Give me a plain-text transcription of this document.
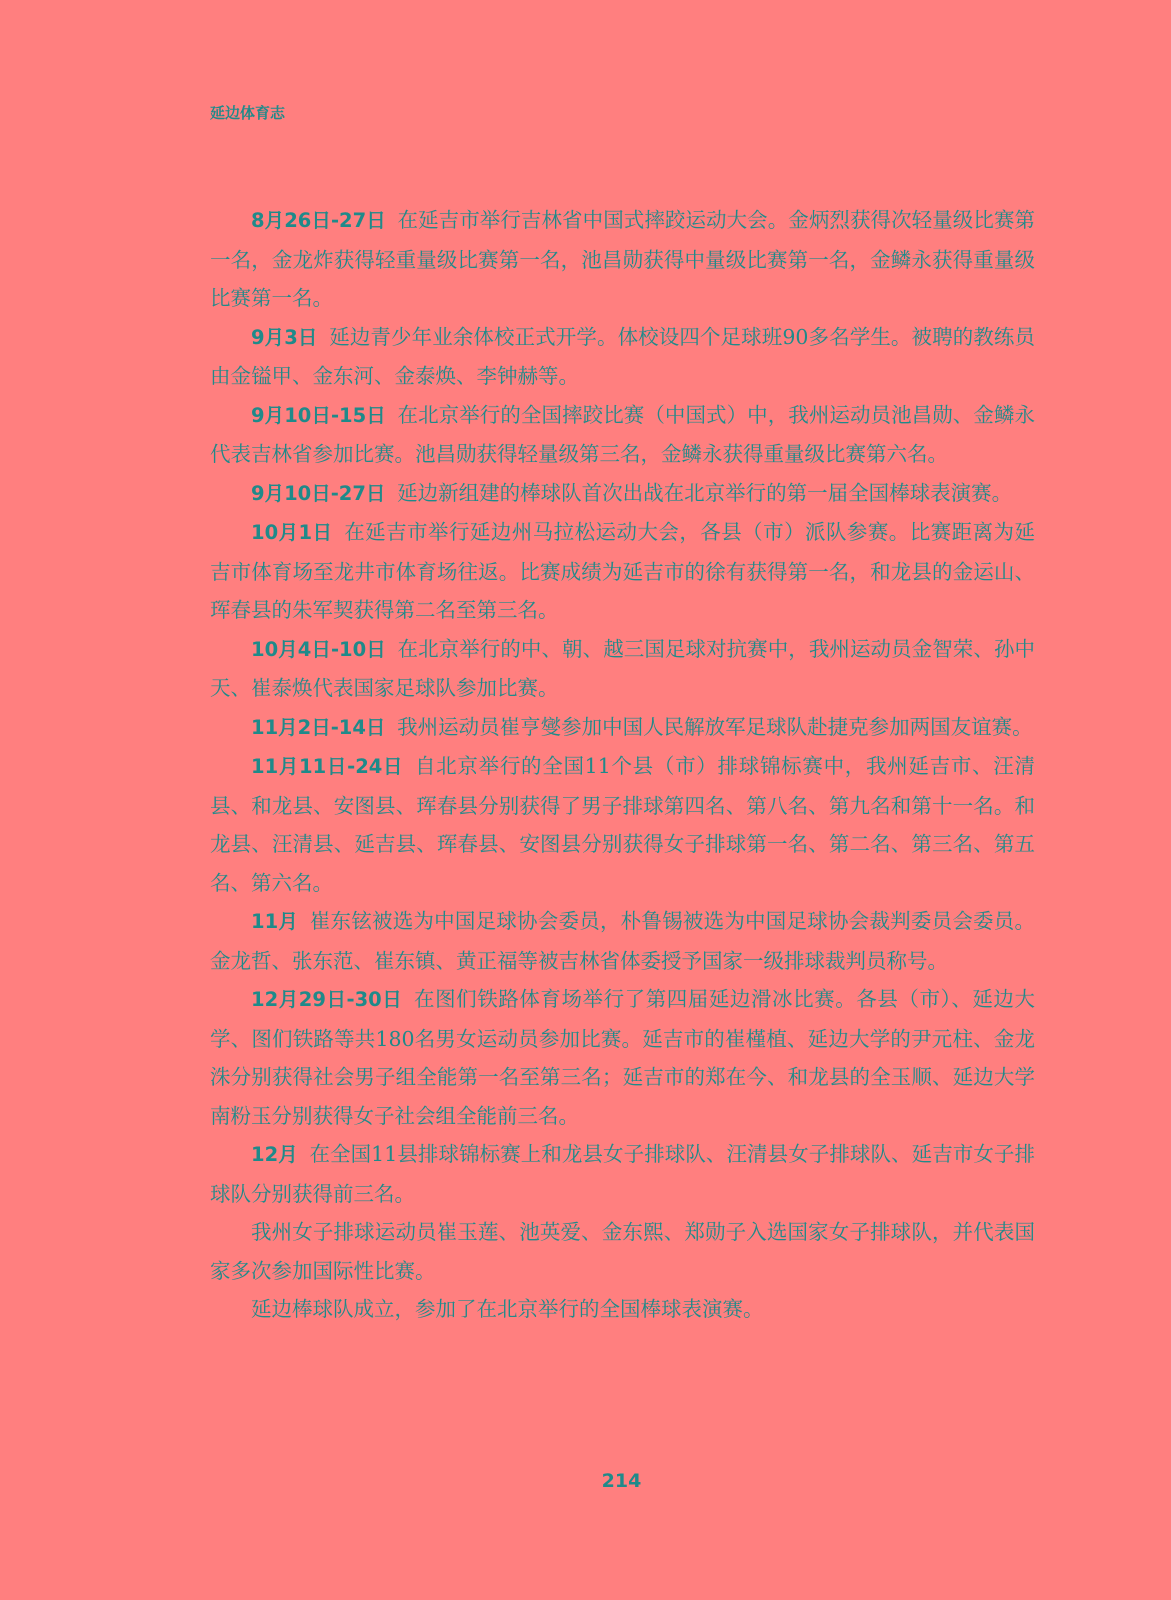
延边体育志

8月26日-27日 在延吉市举行吉林省中国式摔跤运动大会。金炳烈获得次轻量级比赛第一名，金龙炸获得轻重量级比赛第一名，池昌勋获得中量级比赛第一名，金鳞永获得重量级比赛第一名。

9月3日 延边青少年业余体校正式开学。体校设四个足球班90多名学生。被聘的教练员由金镒甲、金东河、金泰焕、李钟赫等。

9月10日-15日 在北京举行的全国摔跤比赛（中国式）中，我州运动员池昌勋、金鳞永代表吉林省参加比赛。池昌勋获得轻量级第三名，金鳞永获得重量级比赛第六名。

9月10日-27日 延边新组建的棒球队首次出战在北京举行的第一届全国棒球表演赛。

10月1日 在延吉市举行延边州马拉松运动大会，各县（市）派队参赛。比赛距离为延吉市体育场至龙井市体育场往返。比赛成绩为延吉市的徐有获得第一名，和龙县的金运山、珲春县的朱军契获得第二名至第三名。

10月4日-10日 在北京举行的中、朝、越三国足球对抗赛中，我州运动员金智荣、孙中天、崔泰焕代表国家足球队参加比赛。

11月2日-14日 我州运动员崔亨燮参加中国人民解放军足球队赴捷克参加两国友谊赛。

11月11日-24日 自北京举行的全国11个县（市）排球锦标赛中，我州延吉市、汪清县、和龙县、安图县、珲春县分别获得了男子排球第四名、第八名、第九名和第十一名。和龙县、汪清县、延吉县、珲春县、安图县分别获得女子排球第一名、第二名、第三名、第五名、第六名。

11月 崔东铉被选为中国足球协会委员，朴鲁锡被选为中国足球协会裁判委员会委员。金龙哲、张东范、崔东镇、黄正福等被吉林省体委授予国家一级排球裁判员称号。

12月29日-30日 在图们铁路体育场举行了第四届延边滑冰比赛。各县（市）、延边大学、图们铁路等共180名男女运动员参加比赛。延吉市的崔槿植、延边大学的尹元柱、金龙洙分别获得社会男子组全能第一名至第三名；延吉市的郑在今、和龙县的全玉顺、延边大学南粉玉分别获得女子社会组全能前三名。

12月 在全国11县排球锦标赛上和龙县女子排球队、汪清县女子排球队、延吉市女子排球队分别获得前三名。

我州女子排球运动员崔玉莲、池英爱、金东熙、郑勋子入选国家女子排球队，并代表国家多次参加国际性比赛。

延边棒球队成立，参加了在北京举行的全国棒球表演赛。

214
